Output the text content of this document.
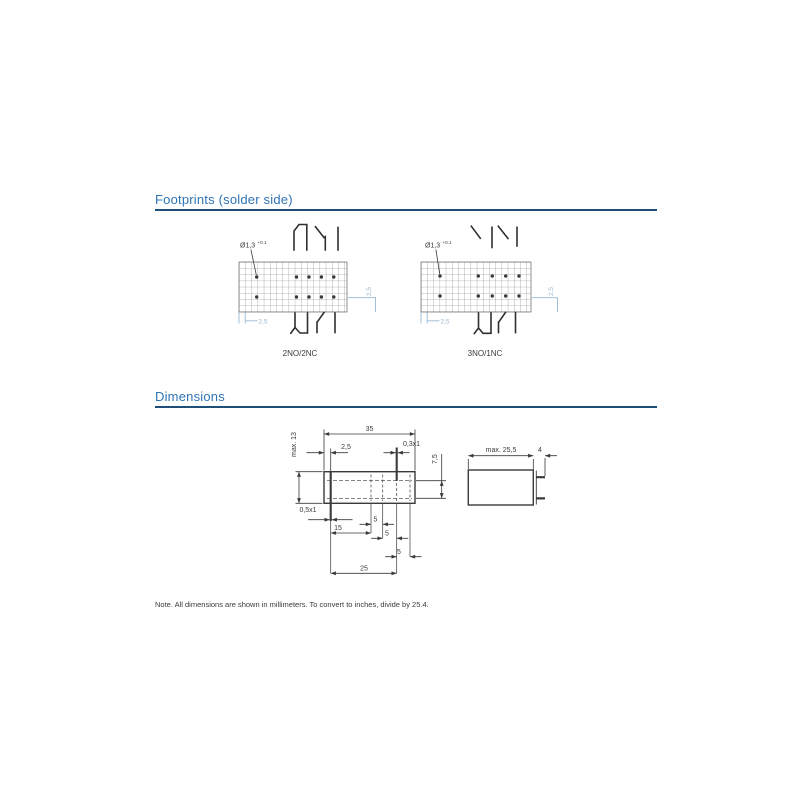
Footprints (solder side)
Dimensions
Note. All dimensions are shown in millimeters. To convert to inches, divide by 25.4.
Ø1,3 +0.1
2,5
2,5
2NO/2NC
Ø1,3 +0.1
2,5
2,5
3NO/1NC
35
max. 13	2,5	0,3x1
7,5
0,5x1
15
5
5
5
25
max. 25,5	4
